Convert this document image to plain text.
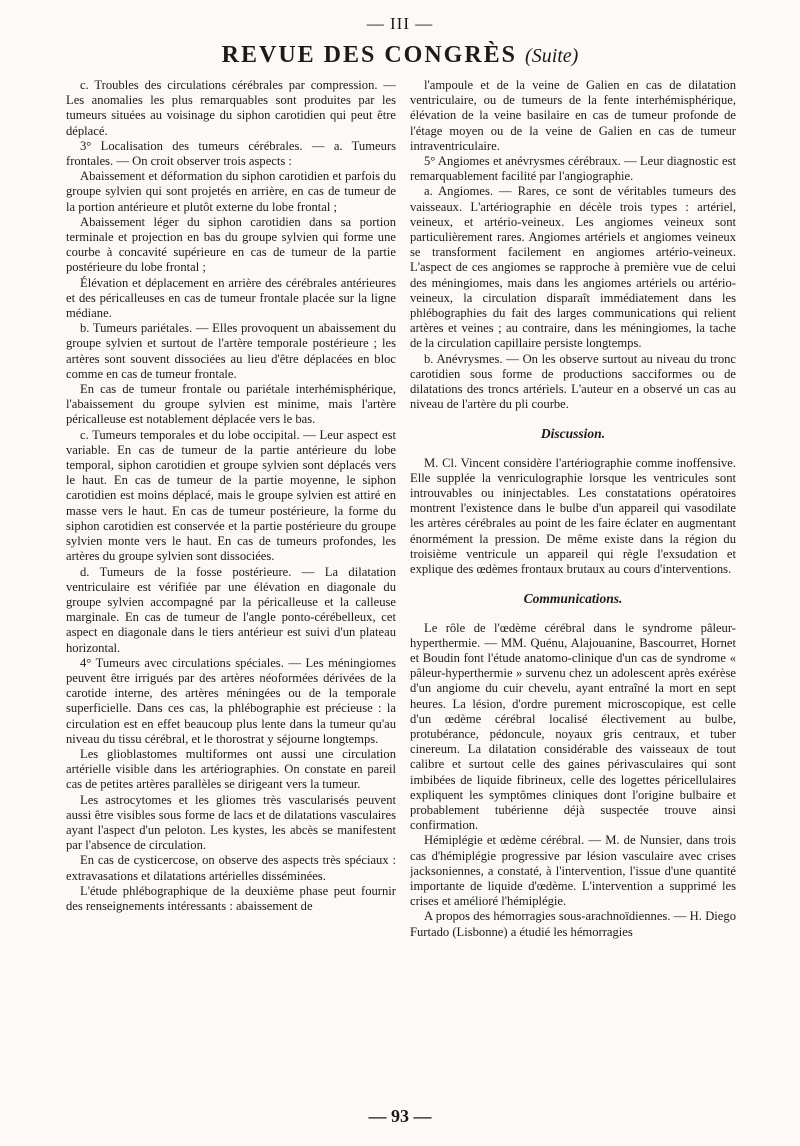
— III —
REVUE DES CONGRÈS (Suite)

c. Troubles des circulations cérébrales par compression. — Les anomalies les plus remarquables sont produites par les tumeurs situées au voisinage du siphon carotidien qui peut être déplacé.

3° Localisation des tumeurs cérébrales. — a. Tumeurs frontales. — On croit observer trois aspects :

Abaissement et déformation du siphon carotidien et parfois du groupe sylvien qui sont projetés en arrière, en cas de tumeur de la portion antérieure et plutôt externe du lobe frontal ;

Abaissement léger du siphon carotidien dans sa portion terminale et projection en bas du groupe sylvien qui forme une courbe à concavité supérieure en cas de tumeur de la partie postérieure du lobe frontal ;

Élévation et déplacement en arrière des cérébrales antérieures et des péricalleuses en cas de tumeur frontale placée sur la ligne médiane.

b. Tumeurs pariétales. — Elles provoquent un abaissement du groupe sylvien et surtout de l'artère temporale postérieure ; les artères sont souvent dissociées au lieu d'être déplacées en bloc comme en cas de tumeur frontale.

En cas de tumeur frontale ou pariétale interhémisphérique, l'abaissement du groupe sylvien est minime, mais l'artère péricalleuse est notablement déplacée vers le bas.

c. Tumeurs temporales et du lobe occipital. — Leur aspect est variable. En cas de tumeur de la partie antérieure du lobe temporal, siphon carotidien et groupe sylvien sont déplacés vers le haut. En cas de tumeur de la partie moyenne, le siphon carotidien est moins déplacé, mais le groupe sylvien est attiré en masse vers le haut. En cas de tumeur postérieure, la forme du siphon carotidien est conservée et la partie postérieure du groupe sylvien monte vers le haut. En cas de tumeurs profondes, les artères du groupe sylvien sont dissociées.

d. Tumeurs de la fosse postérieure. — La dilatation ventriculaire est vérifiée par une élévation en diagonale du groupe sylvien accompagné par la péricalleuse et la calleuse marginale. En cas de tumeur de l'angle ponto-cérébelleux, cet aspect en diagonale dans le tiers antérieur est suivi d'un plateau horizontal.

4° Tumeurs avec circulations spéciales. — Les méningiomes peuvent être irrigués par des artères néoformées dérivées de la carotide interne, des artères méningées ou de la temporale superficielle. Dans ces cas, la phlébographie est précieuse : la circulation est en effet beaucoup plus lente dans la tumeur qu'au niveau du tissu cérébral, et le thorostrat y séjourne longtemps.

Les glioblastomes multiformes ont aussi une circulation artérielle visible dans les artériographies. On constate en pareil cas de petites artères parallèles se dirigeant vers la tumeur.

Les astrocytomes et les gliomes très vascularisés peuvent aussi être visibles sous forme de lacs et de dilatations vasculaires ayant l'aspect d'un peloton. Les kystes, les abcès se manifestent par l'absence de circulation.

En cas de cysticercose, on observe des aspects très spéciaux : extravasations et dilatations artérielles disséminées.

L'étude phlébographique de la deuxième phase peut fournir des renseignements intéressants : abaissement de

l'ampoule et de la veine de Galien en cas de dilatation ventriculaire, ou de tumeurs de la fente interhémisphérique, élévation de la veine basilaire en cas de tumeur profonde de l'étage moyen ou de la veine de Galien en cas de tumeur intraventriculaire.

5° Angiomes et anévrysmes cérébraux. — Leur diagnostic est remarquablement facilité par l'angiographie.

a. Angiomes. — Rares, ce sont de véritables tumeurs des vaisseaux. L'artériographie en décèle trois types : artériel, veineux, et artério-veineux. Les angiomes veineux sont particulièrement rares. Angiomes artériels et angiomes veineux se transforment facilement en angiomes artério-veineux. L'aspect de ces angiomes se rapproche à première vue de celui des méningiomes, mais dans les angiomes artériels ou artério-veineux, la circulation disparaît immédiatement dans les phlébographies du fait des larges communications qui relient artères et veines ; au contraire, dans les méningiomes, la tache de la circulation capillaire persiste longtemps.

b. Anévrysmes. — On les observe surtout au niveau du tronc carotidien sous forme de productions sacciformes ou de dilatations des troncs artériels. L'auteur en a observé un cas au niveau de l'artère du pli courbe.

Discussion.

M. Cl. Vincent considère l'artériographie comme inoffensive. Elle supplée la venriculographie lorsque les ventricules sont introuvables ou ininjectables. Les constatations opératoires montrent l'existence dans le bulbe d'un appareil qui vasodilate les artères cérébrales au point de les faire éclater en augmentant énormément la pression. De même existe dans la région du troisième ventricule un appareil qui règle l'exsudation et explique des œdèmes frontaux brutaux au cours d'interventions.

Communications.

Le rôle de l'œdème cérébral dans le syndrome pâleur-hyperthermie. — MM. Quénu, Alajouanine, Bascourret, Hornet et Boudin font l'étude anatomo-clinique d'un cas de syndrome « pâleur-hyperthermie » survenu chez un adolescent après exérèse d'un angiome du cuir chevelu, ayant entraîné la mort en sept heures. La lésion, d'ordre purement microscopique, est celle d'un œdème cérébral localisé électivement au bulbe, protubérance, pédoncule, noyaux gris centraux, et tuber cinereum. La dilatation considérable des vaisseaux de tout calibre et surtout celle des gaines périvasculaires qui sont imbibées de liquide fibrineux, celle des logettes péricellulaires expliquent les symptômes cliniques dont l'origine bulbaire et probablement tubérienne déjà suspectée trouve ainsi confirmation.

Hémiplégie et œdème cérébral. — M. de Nunsier, dans trois cas d'hémiplégie progressive par lésion vasculaire avec crises jacksoniennes, a constaté, à l'intervention, l'issue d'une quantité importante de liquide d'œdème. L'intervention a supprimé les crises et amélioré l'hémiplégie.

A propos des hémorragies sous-arachnoïdiennes. — H. Diego Furtado (Lisbonne) a étudié les hémorragies

— 93 —
